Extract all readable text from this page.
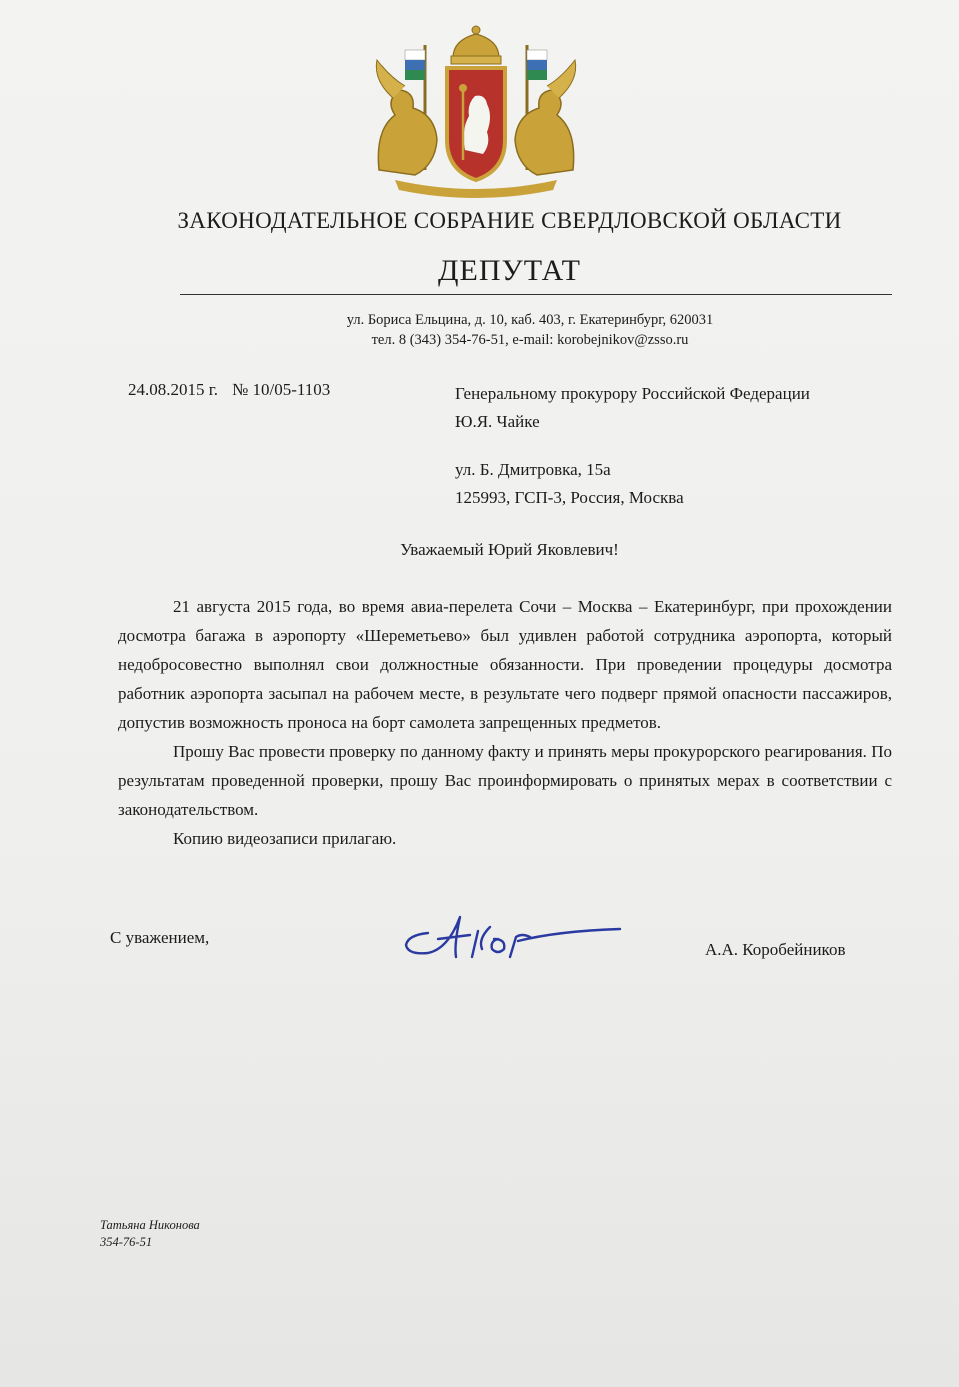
ЗАКОНОДАТЕЛЬНОЕ СОБРАНИЕ СВЕРДЛОВСКОЙ ОБЛАСТИ
ДЕПУТАТ
ул. Бориса Ельцина, д. 10, каб. 403, г. Екатеринбург, 620031
тел. 8 (343) 354-76-51, e-mail: korobejnikov@zsso.ru
24.08.2015 г. № 10/05-1103	Генеральному прокурору Российской Федерации
Ю.Я. Чайке
ул. Б. Дмитровка, 15а
125993, ГСП-3, Россия, Москва
Уважаемый Юрий Яковлевич!

21 августа 2015 года, во время авиа-перелета Сочи – Москва – Екатеринбург, при прохождении досмотра багажа в аэропорту «Шереметьево» был удивлен работой сотрудника аэропорта, который недобросовестно выполнял свои должностные обязанности. При проведении процедуры досмотра работник аэропорта засыпал на рабочем месте, в результате чего подверг прямой опасности пассажиров, допустив возможность проноса на борт самолета запрещенных предметов.

Прошу Вас провести проверку по данному факту и принять меры прокурорского реагирования. По результатам проведенной проверки, прошу Вас проинформировать о принятых мерах в соответствии с законодательством.

Копию видеозаписи прилагаю.

С уважением,
А.А. Коробейников
Татьяна Никонова
354-76-51
